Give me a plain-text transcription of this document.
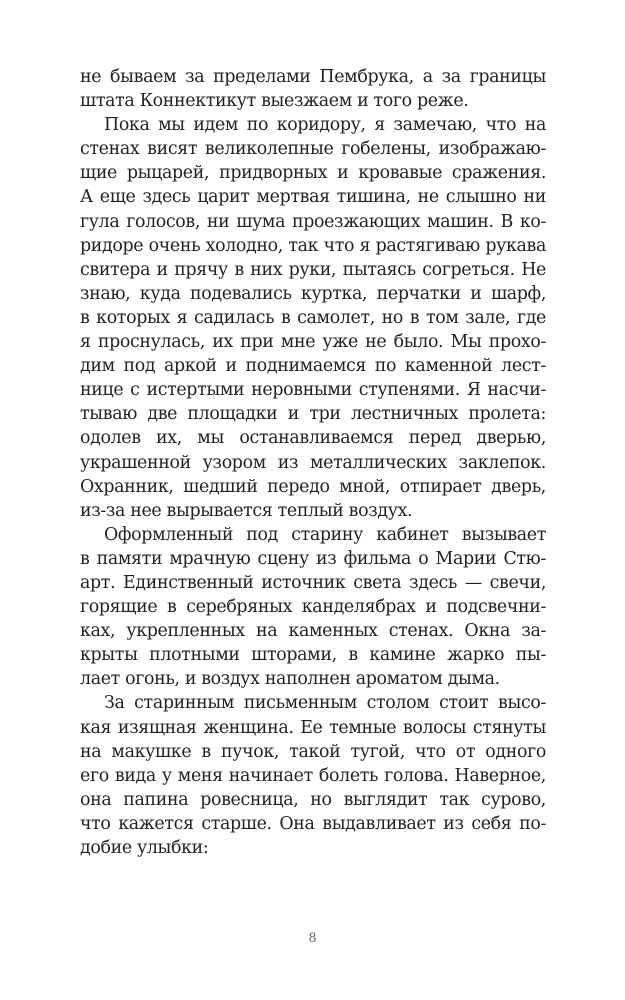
не бываем за пределами Пембрука, а за границы
штата Коннектикут выезжаем и того реже.
Пока мы идем по коридору, я замечаю, что на
стенах висят великолепные гобелены, изображаю-
щие рыцарей, придворных и кровавые сражения.
А еще здесь царит мертвая тишина, не слышно ни
гула голосов, ни шума проезжающих машин. В ко-
ридоре очень холодно, так что я растягиваю рукава
свитера и прячу в них руки, пытаясь согреться. Не
знаю, куда подевались куртка, перчатки и шарф,
в которых я садилась в самолет, но в том зале, где
я проснулась, их при мне уже не было. Мы прохо-
дим под аркой и поднимаемся по каменной лест-
нице с истертыми неровными ступенями. Я насчи-
тываю две площадки и три лестничных пролета:
одолев их, мы останавливаемся перед дверью,
украшенной узором из металлических заклепок.
Охранник, шедший передо мной, отпирает дверь,
из-за нее вырывается теплый воздух.
Оформленный под старину кабинет вызывает
в памяти мрачную сцену из фильма о Марии Стю-
арт. Единственный источник света здесь — свечи,
горящие в серебряных канделябрах и подсвечни-
ках, укрепленных на каменных стенах. Окна за-
крыты плотными шторами, в камине жарко пы-
лает огонь, и воздух наполнен ароматом дыма.
За старинным письменным столом стоит высо-
кая изящная женщина. Ее темные волосы стянуты
на макушке в пучок, такой тугой, что от одного
его вида у меня начинает болеть голова. Наверное,
она папина ровесница, но выглядит так сурово,
что кажется старше. Она выдавливает из себя по-
добие улыбки:
8
